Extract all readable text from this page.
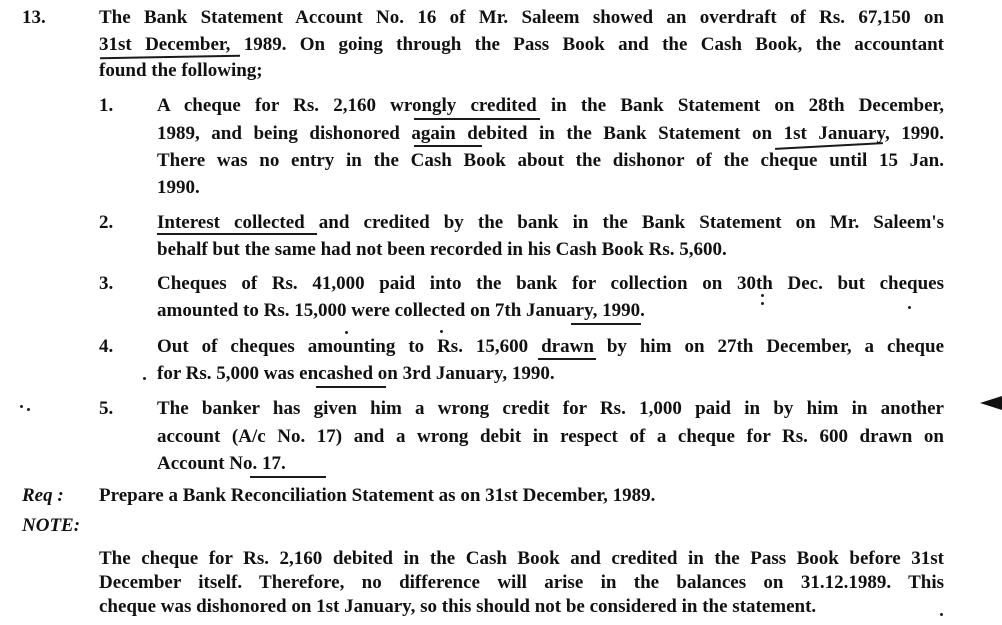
13.	The Bank Statement Account No. 16 of Mr. Saleem showed an overdraft of Rs. 67,150 on
31st December, 1989. On going through the Pass Book and the Cash Book, the accountant
found the following;
1. A cheque for Rs. 2,160 wrongly credited in the Bank Statement on 28th December,
1989, and being dishonored again debited in the Bank Statement on 1st January, 1990.
There was no entry in the Cash Book about the dishonor of the cheque until 15 Jan.
1990.
2. Interest collected and credited by the bank in the Bank Statement on Mr. Saleem's
behalf but the same had not been recorded in his Cash Book Rs. 5,600.
3. Cheques of Rs. 41,000 paid into the bank for collection on 30th Dec. but cheques
amounted to Rs. 15,000 were collected on 7th January, 1990.
4. Out of cheques amounting to Rs. 15,600 drawn by him on 27th December, a cheque
for Rs. 5,000 was encashed on 3rd January, 1990.
5. The banker has given him a wrong credit for Rs. 1,000 paid in by him in another
account (A/c No. 17) and a wrong debit in respect of a cheque for Rs. 600 drawn on
Account No. 17.
Req : Prepare a Bank Reconciliation Statement as on 31st December, 1989.
NOTE:
The cheque for Rs. 2,160 debited in the Cash Book and credited in the Pass Book before 31st
December itself. Therefore, no difference will arise in the balances on 31.12.1989. This
cheque was dishonored on 1st January, so this should not be considered in the statement.
